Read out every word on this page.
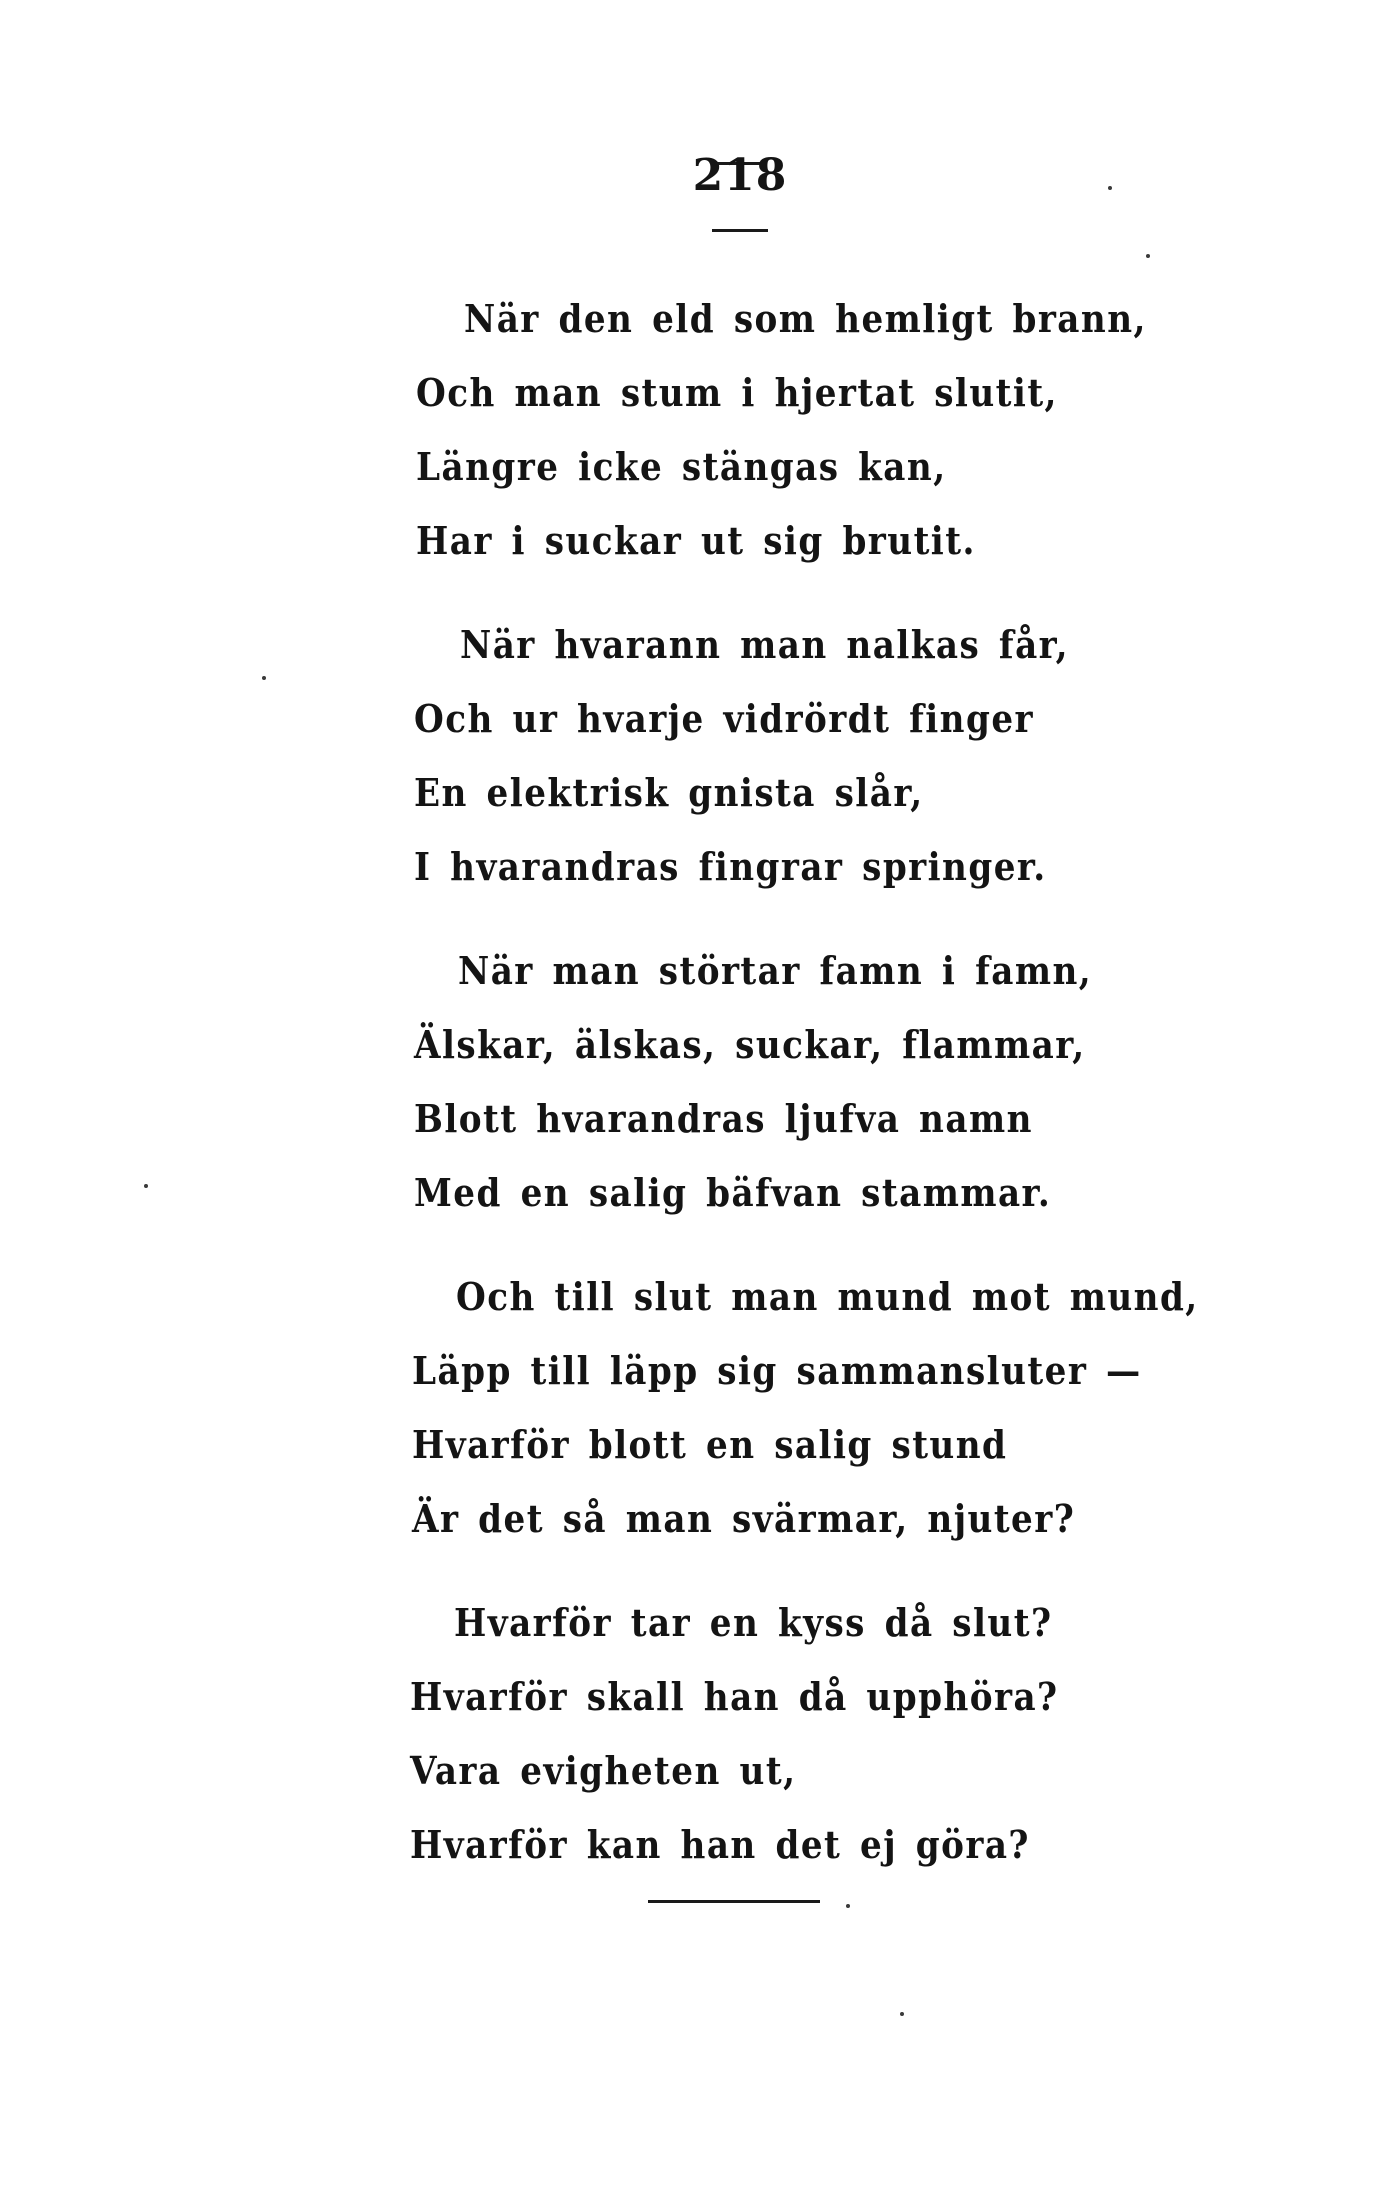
218
När den eld som hemligt brann,
Och man stum i hjertat slutit,
Längre icke stängas kan,
Har i suckar ut sig brutit.
När hvarann man nalkas får,
Och ur hvarje vidrördt finger
En elektrisk gnista slår,
I hvarandras fingrar springer.
När man störtar famn i famn,
Älskar, älskas, suckar, flammar,
Blott hvarandras ljufva namn
Med en salig bäfvan stammar.
Och till slut man mund mot mund,
Läpp till läpp sig sammansluter —
Hvarför blott en salig stund
Är det så man svärmar, njuter?
Hvarför tar en kyss då slut?
Hvarför skall han då upphöra?
Vara evigheten ut,
Hvarför kan han det ej göra?
